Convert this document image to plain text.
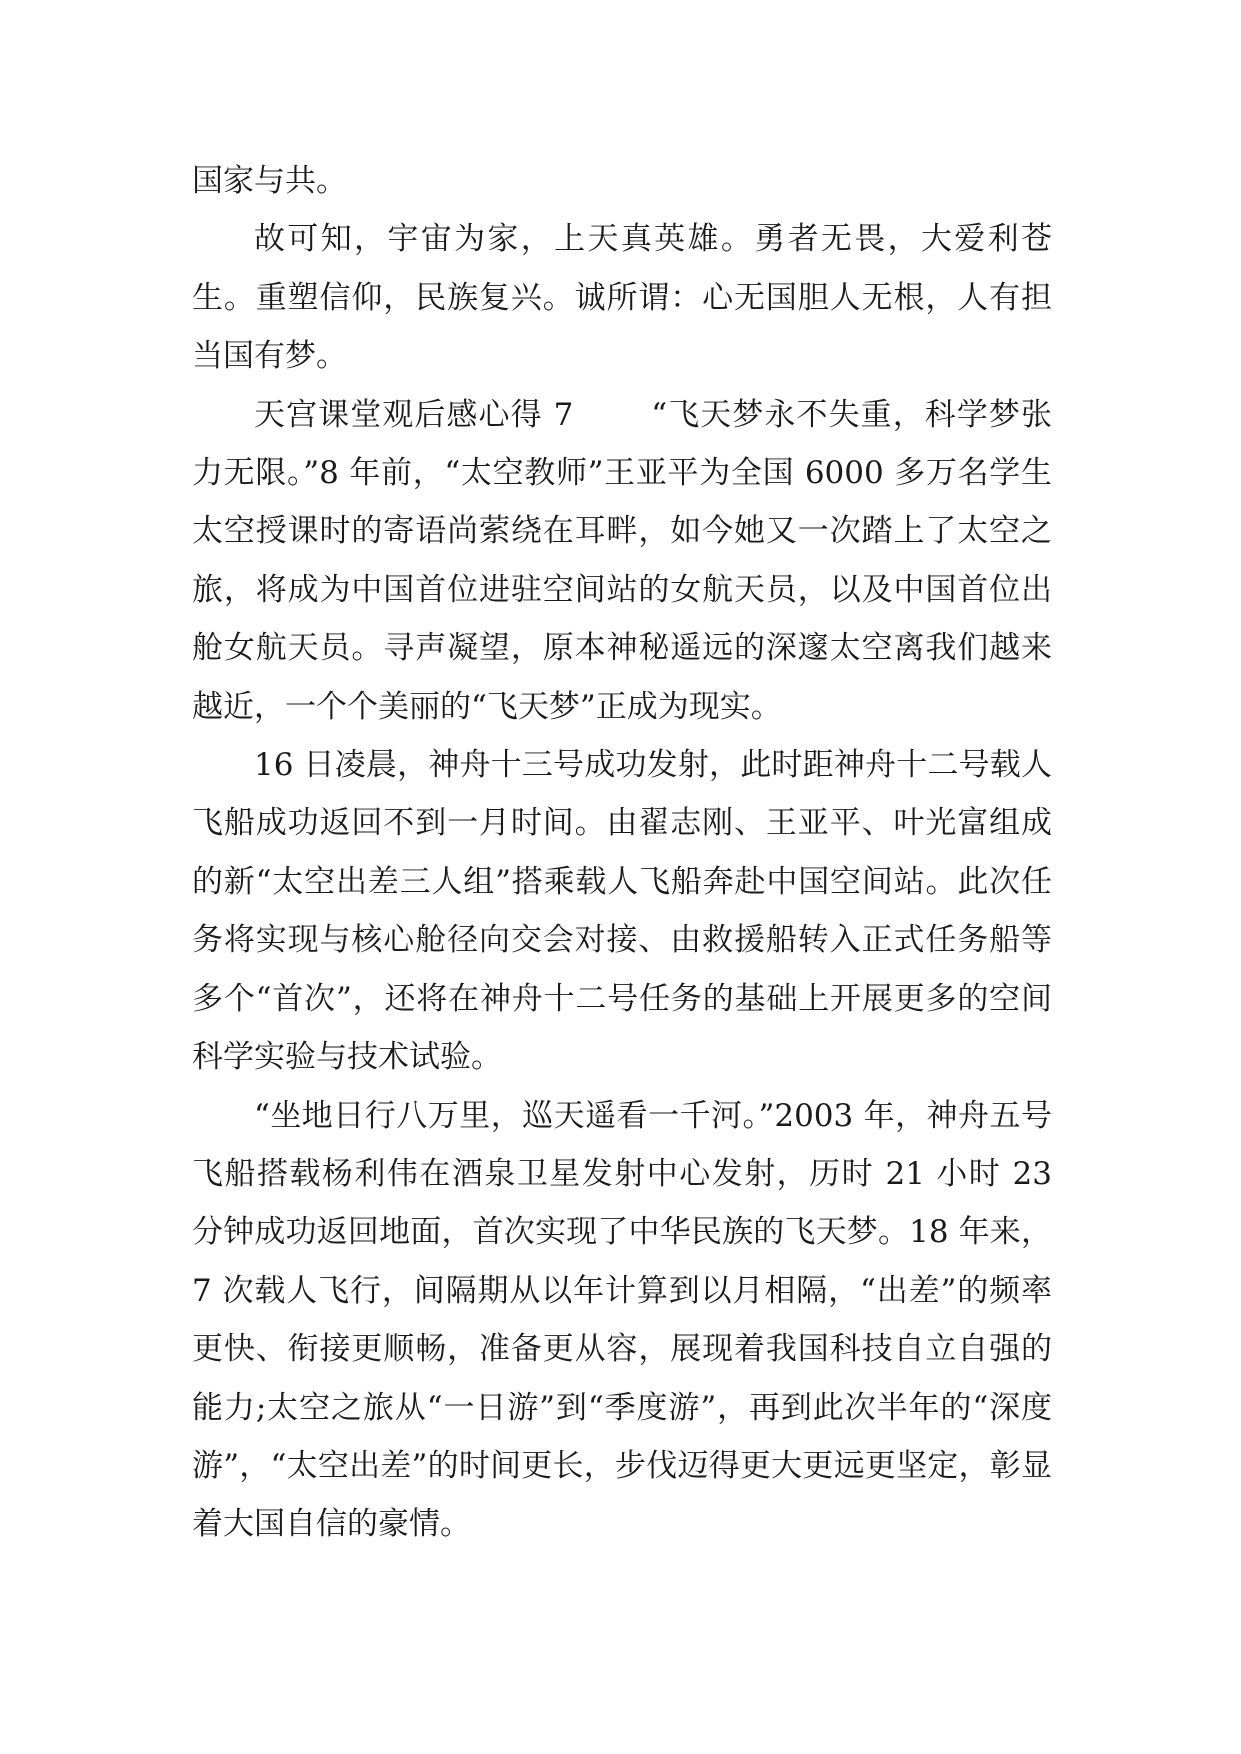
国家与共。

故可知，宇宙为家，上天真英雄。勇者无畏，大爱利苍生。重塑信仰，民族复兴。诚所谓：心无国胆人无根，人有担当国有梦。

天宫课堂观后感心得 7	“飞天梦永不失重，科学梦张力无限。”8 年前，“太空教师”王亚平为全国 6000 多万名学生太空授课时的寄语尚萦绕在耳畔，如今她又一次踏上了太空之旅，将成为中国首位进驻空间站的女航天员，以及中国首位出舱女航天员。寻声凝望，原本神秘遥远的深邃太空离我们越来越近，一个个美丽的“飞天梦”正成为现实。

16 日凌晨，神舟十三号成功发射，此时距神舟十二号载人飞船成功返回不到一月时间。由翟志刚、王亚平、叶光富组成的新“太空出差三人组”搭乘载人飞船奔赴中国空间站。此次任务将实现与核心舱径向交会对接、由救援船转入正式任务船等多个“首次”，还将在神舟十二号任务的基础上开展更多的空间科学实验与技术试验。

“坐地日行八万里，巡天遥看一千河。”2003 年，神舟五号飞船搭载杨利伟在酒泉卫星发射中心发射，历时 21 小时 23 分钟成功返回地面，首次实现了中华民族的飞天梦。18 年来，7 次载人飞行，间隔期从以年计算到以月相隔，“出差”的频率更快、衔接更顺畅，准备更从容，展现着我国科技自立自强的能力;太空之旅从“一日游”到“季度游”，再到此次半年的“深度游”，“太空出差”的时间更长，步伐迈得更大更远更坚定，彰显着大国自信的豪情。
